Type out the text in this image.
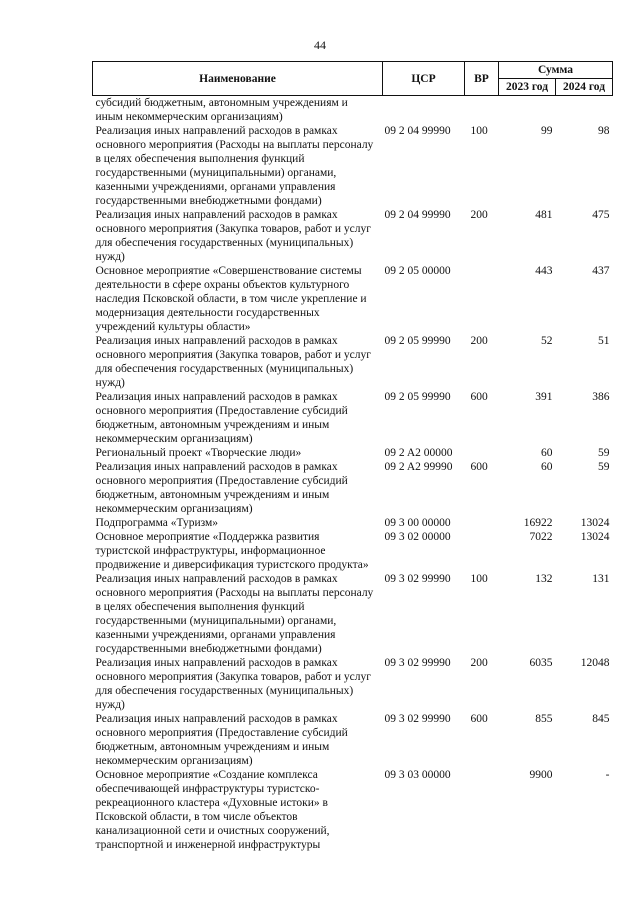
44
Наименование	ЦСР	ВР	Сумма	
			2023 год	2024 год
субсидий бюджетным, автономным учреждениям и иным некоммерческим организациям)				
Реализация иных направлений расходов в рамках основного мероприятия (Расходы на выплаты персоналу в целях обеспечения выполнения функций государственными (муниципальными) органами, казенными учреждениями, органами управления государственными внебюджетными фондами)	09 2 04 99990	100	99	98
Реализация иных направлений расходов в рамках основного мероприятия (Закупка товаров, работ и услуг для обеспечения государственных (муниципальных) нужд)	09 2 04 99990	200	481	475
Основное мероприятие «Совершенствование системы деятельности в сфере охраны объектов культурного наследия Псковской области, в том числе укрепление и модернизация деятельности государственных учреждений культуры области»	09 2 05 00000		443	437
Реализация иных направлений расходов в рамках основного мероприятия (Закупка товаров, работ и услуг для обеспечения государственных (муниципальных) нужд)	09 2 05 99990	200	52	51
Реализация иных направлений расходов в рамках основного мероприятия (Предоставление субсидий бюджетным, автономным учреждениям и иным некоммерческим организациям)	09 2 05 99990	600	391	386
Региональный проект «Творческие люди»	09 2 A2 00000		60	59
Реализация иных направлений расходов в рамках основного мероприятия (Предоставление субсидий бюджетным, автономным учреждениям и иным некоммерческим организациям)	09 2 A2 99990	600	60	59
Подпрограмма «Туризм»	09 3 00 00000		16922	13024
Основное мероприятие «Поддержка развития туристской инфраструктуры, информационное продвижение и диверсификация туристского продукта»	09 3 02 00000		7022	13024
Реализация иных направлений расходов в рамках основного мероприятия (Расходы на выплаты персоналу в целях обеспечения выполнения функций государственными (муниципальными) органами, казенными учреждениями, органами управления государственными внебюджетными фондами)	09 3 02 99990	100	132	131
Реализация иных направлений расходов в рамках основного мероприятия (Закупка товаров, работ и услуг для обеспечения государственных (муниципальных) нужд)	09 3 02 99990	200	6035	12048
Реализация иных направлений расходов в рамках основного мероприятия (Предоставление субсидий бюджетным, автономным учреждениям и иным некоммерческим организациям)	09 3 02 99990	600	855	845
Основное мероприятие «Создание комплекса обеспечивающей инфраструктуры туристско-рекреационного кластера «Духовные истоки» в Псковской области, в том числе объектов канализационной сети и очистных сооружений, транспортной и инженерной инфраструктуры	09 3 03 00000		9900	-
